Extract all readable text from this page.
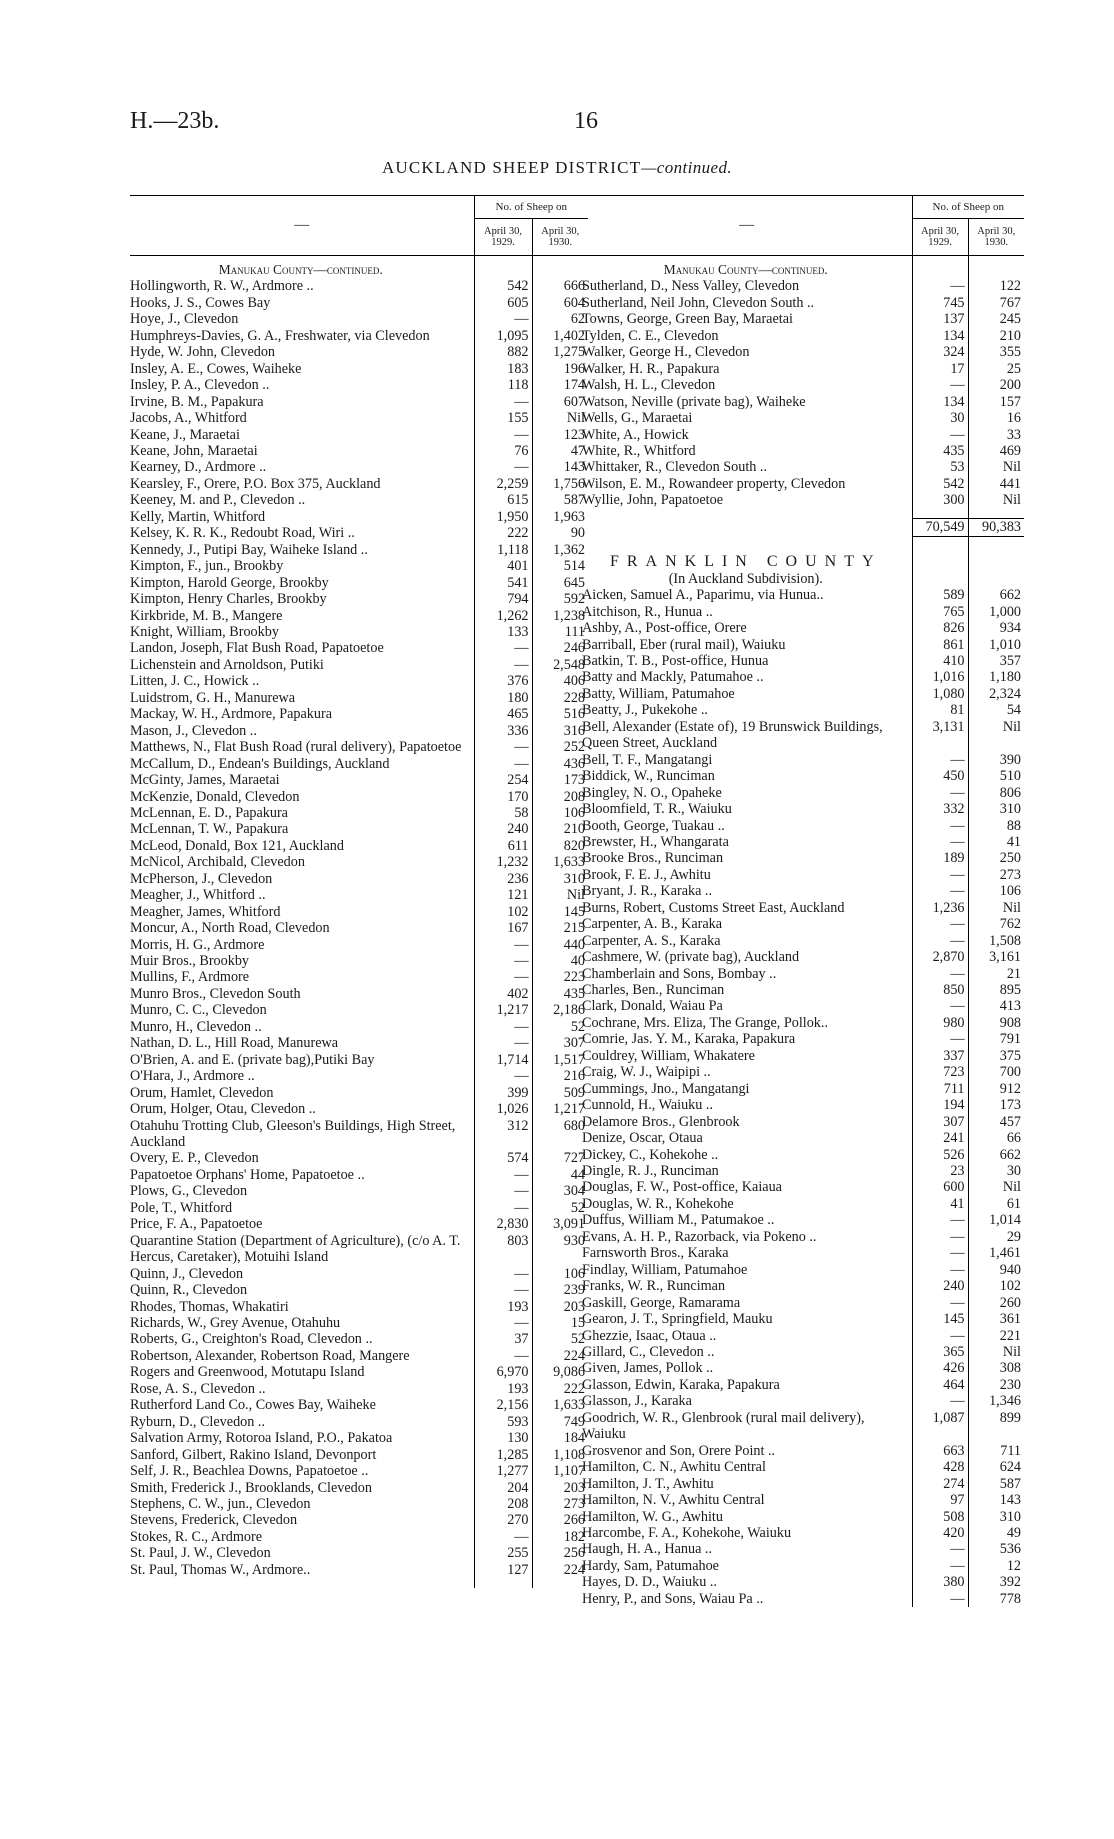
H.—23b.	16
AUCKLAND SHEEP DISTRICT—continued.
—	No. of Sheep on	
	April 30, 1929.	April 30, 1930.
Manukau County—continued.		
Hollingworth, R. W., Ardmore ..	542	666
Hooks, J. S., Cowes Bay	605	604
Hoye, J., Clevedon	—	62
Humphreys-Davies, G. A., Freshwater, via Clevedon	1,095	1,402
Hyde, W. John, Clevedon	882	1,275
Insley, A. E., Cowes, Waiheke	183	196
Insley, P. A., Clevedon ..	118	174
Irvine, B. M., Papakura	—	607
Jacobs, A., Whitford	155	Nil
Keane, J., Maraetai	—	123
Keane, John, Maraetai	76	47
Kearney, D., Ardmore ..	—	143
Kearsley, F., Orere, P.O. Box 375, Auckland	2,259	1,756
Keeney, M. and P., Clevedon ..	615	587
Kelly, Martin, Whitford	1,950	1,963
Kelsey, K. R. K., Redoubt Road, Wiri ..	222	90
Kennedy, J., Putipi Bay, Waiheke Island ..	1,118	1,362
Kimpton, F., jun., Brookby	401	514
Kimpton, Harold George, Brookby	541	645
Kimpton, Henry Charles, Brookby	794	592
Kirkbride, M. B., Mangere	1,262	1,238
Knight, William, Brookby	133	111
Landon, Joseph, Flat Bush Road, Papatoetoe	—	246
Lichenstein and Arnoldson, Putiki	—	2,548
Litten, J. C., Howick ..	376	406
Luidstrom, G. H., Manurewa	180	228
Mackay, W. H., Ardmore, Papakura	465	516
Mason, J., Clevedon ..	336	316
Matthews, N., Flat Bush Road (rural delivery), Papatoetoe	—	252
McCallum, D., Endean's Buildings, Auckland	—	436
McGinty, James, Maraetai	254	173
McKenzie, Donald, Clevedon	170	208
McLennan, E. D., Papakura	58	106
McLennan, T. W., Papakura	240	210
McLeod, Donald, Box 121, Auckland	611	820
McNicol, Archibald, Clevedon	1,232	1,633
McPherson, J., Clevedon	236	310
Meagher, J., Whitford ..	121	Nil
Meagher, James, Whitford	102	145
Moncur, A., North Road, Clevedon	167	215
Morris, H. G., Ardmore	—	440
Muir Bros., Brookby	—	40
Mullins, F., Ardmore	—	223
Munro Bros., Clevedon South	402	435
Munro, C. C., Clevedon	1,217	2,186
Munro, H., Clevedon ..	—	52
Nathan, D. L., Hill Road, Manurewa	—	307
O'Brien, A. and E. (private bag),Putiki Bay	1,714	1,517
O'Hara, J., Ardmore ..	—	216
Orum, Hamlet, Clevedon	399	509
Orum, Holger, Otau, Clevedon ..	1,026	1,217
Otahuhu Trotting Club, Gleeson's Buildings, High Street, Auckland	312	680
Overy, E. P., Clevedon	574	727
Papatoetoe Orphans' Home, Papatoetoe ..	—	44
Plows, G., Clevedon	—	304
Pole, T., Whitford	—	52
Price, F. A., Papatoetoe	2,830	3,091
Quarantine Station (Department of Agriculture), (c/o A. T. Hercus, Caretaker), Motuihi Island	803	930
Quinn, J., Clevedon	—	106
Quinn, R., Clevedon	—	239
Rhodes, Thomas, Whakatiri	193	203
Richards, W., Grey Avenue, Otahuhu	—	15
Roberts, G., Creighton's Road, Clevedon ..	37	52
Robertson, Alexander, Robertson Road, Mangere	—	224
Rogers and Greenwood, Motutapu Island	6,970	9,086
Rose, A. S., Clevedon ..	193	222
Rutherford Land Co., Cowes Bay, Waiheke	2,156	1,633
Ryburn, D., Clevedon ..	593	749
Salvation Army, Rotoroa Island, P.O., Pakatoa	130	184
Sanford, Gilbert, Rakino Island, Devonport	1,285	1,108
Self, J. R., Beachlea Downs, Papatoetoe ..	1,277	1,107
Smith, Frederick J., Brooklands, Clevedon	204	203
Stephens, C. W., jun., Clevedon	208	273
Stevens, Frederick, Clevedon	270	266
Stokes, R. C., Ardmore	—	182
St. Paul, J. W., Clevedon	255	256
St. Paul, Thomas W., Ardmore..	127	224

—	No. of Sheep on	
	April 30, 1929.	April 30, 1930.
Manukau County—continued.		
Sutherland, D., Ness Valley, Clevedon	—	122
Sutherland, Neil John, Clevedon South ..	745	767
Towns, George, Green Bay, Maraetai	137	245
Tylden, C. E., Clevedon	134	210
Walker, George H., Clevedon	324	355
Walker, H. R., Papakura	17	25
Walsh, H. L., Clevedon	—	200
Watson, Neville (private bag), Waiheke	134	157
Wells, G., Maraetai	30	16
White, A., Howick	—	33
White, R., Whitford	435	469
Whittaker, R., Clevedon South ..	53	Nil
Wilson, E. M., Rowandeer property, Clevedon	542	441
Wyllie, John, Papatoetoe	300	Nil

	70,549	90,383
FRANKLIN COUNTY		
(In Auckland Subdivision).		
Aicken, Samuel A., Paparimu, via Hunua..	589	662
Aitchison, R., Hunua ..	765	1,000
Ashby, A., Post-office, Orere	826	934
Barriball, Eber (rural mail), Waiuku	861	1,010
Batkin, T. B., Post-office, Hunua	410	357
Batty and Mackly, Patumahoe ..	1,016	1,180
Batty, William, Patumahoe	1,080	2,324
Beatty, J., Pukekohe ..	81	54
Bell, Alexander (Estate of), 19 Brunswick Buildings, Queen Street, Auckland	3,131	Nil
Bell, T. F., Mangatangi	—	390
Biddick, W., Runciman	450	510
Bingley, N. O., Opaheke	—	806
Bloomfield, T. R., Waiuku	332	310
Booth, George, Tuakau ..	—	88
Brewster, H., Whangarata	—	41
Brooke Bros., Runciman	189	250
Brook, F. E. J., Awhitu	—	273
Bryant, J. R., Karaka ..	—	106
Burns, Robert, Customs Street East, Auckland	1,236	Nil
Carpenter, A. B., Karaka	—	762
Carpenter, A. S., Karaka	—	1,508
Cashmere, W. (private bag), Auckland	2,870	3,161
Chamberlain and Sons, Bombay ..	—	21
Charles, Ben., Runciman	850	895
Clark, Donald, Waiau Pa	—	413
Cochrane, Mrs. Eliza, The Grange, Pollok..	980	908
Comrie, Jas. Y. M., Karaka, Papakura	—	791
Couldrey, William, Whakatere	337	375
Craig, W. J., Waipipi ..	723	700
Cummings, Jno., Mangatangi	711	912
Cunnold, H., Waiuku ..	194	173
Delamore Bros., Glenbrook	307	457
Denize, Oscar, Otaua	241	66
Dickey, C., Kohekohe ..	526	662
Dingle, R. J., Runciman	23	30
Douglas, F. W., Post-office, Kaiaua	600	Nil
Douglas, W. R., Kohekohe	41	61
Duffus, William M., Patumakoe ..	—	1,014
Evans, A. H. P., Razorback, via Pokeno ..	—	29
Farnsworth Bros., Karaka	—	1,461
Findlay, William, Patumahoe	—	940
Franks, W. R., Runciman	240	102
Gaskill, George, Ramarama	—	260
Gearon, J. T., Springfield, Mauku	145	361
Ghezzie, Isaac, Otaua ..	—	221
Gillard, C., Clevedon ..	365	Nil
Given, James, Pollok ..	426	308
Glasson, Edwin, Karaka, Papakura	464	230
Glasson, J., Karaka	—	1,346
Goodrich, W. R., Glenbrook (rural mail delivery), Waiuku	1,087	899
Grosvenor and Son, Orere Point ..	663	711
Hamilton, C. N., Awhitu Central	428	624
Hamilton, J. T., Awhitu	274	587
Hamilton, N. V., Awhitu Central	97	143
Hamilton, W. G., Awhitu	508	310
Harcombe, F. A., Kohekohe, Waiuku	420	49
Haugh, H. A., Hanua ..	—	536
Hardy, Sam, Patumahoe	—	12
Hayes, D. D., Waiuku ..	380	392
Henry, P., and Sons, Waiau Pa ..	—	778
